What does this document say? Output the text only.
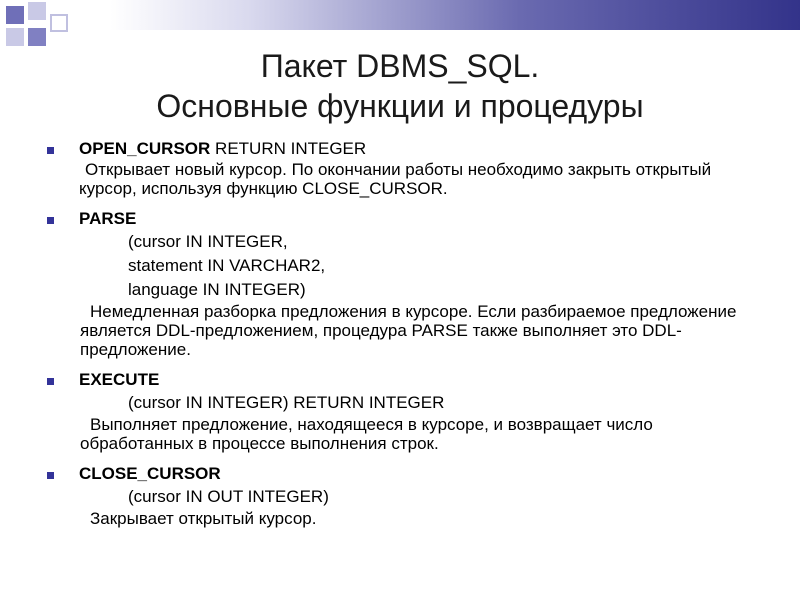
Пакет DBMS_SQL.
Основные функции и процедуры
OPEN_CURSOR RETURN INTEGER
Открывает новый курсор. По окончании работы необходимо закрыть открытый курсор, используя функцию CLOSE_CURSOR.
PARSE
(cursor IN INTEGER,
statement IN VARCHAR2,
language IN INTEGER)
Немедленная разборка предложения в курсоре. Если разбираемое предложение является DDL-предложением, процедура PARSE также выполняет это DDL-предложение.
EXECUTE
(cursor IN INTEGER) RETURN INTEGER
Выполняет предложение, находящееся в курсоре, и возвращает число обработанных в процессе выполнения строк.
CLOSE_CURSOR
(cursor IN OUT INTEGER)
Закрывает открытый курсор.
